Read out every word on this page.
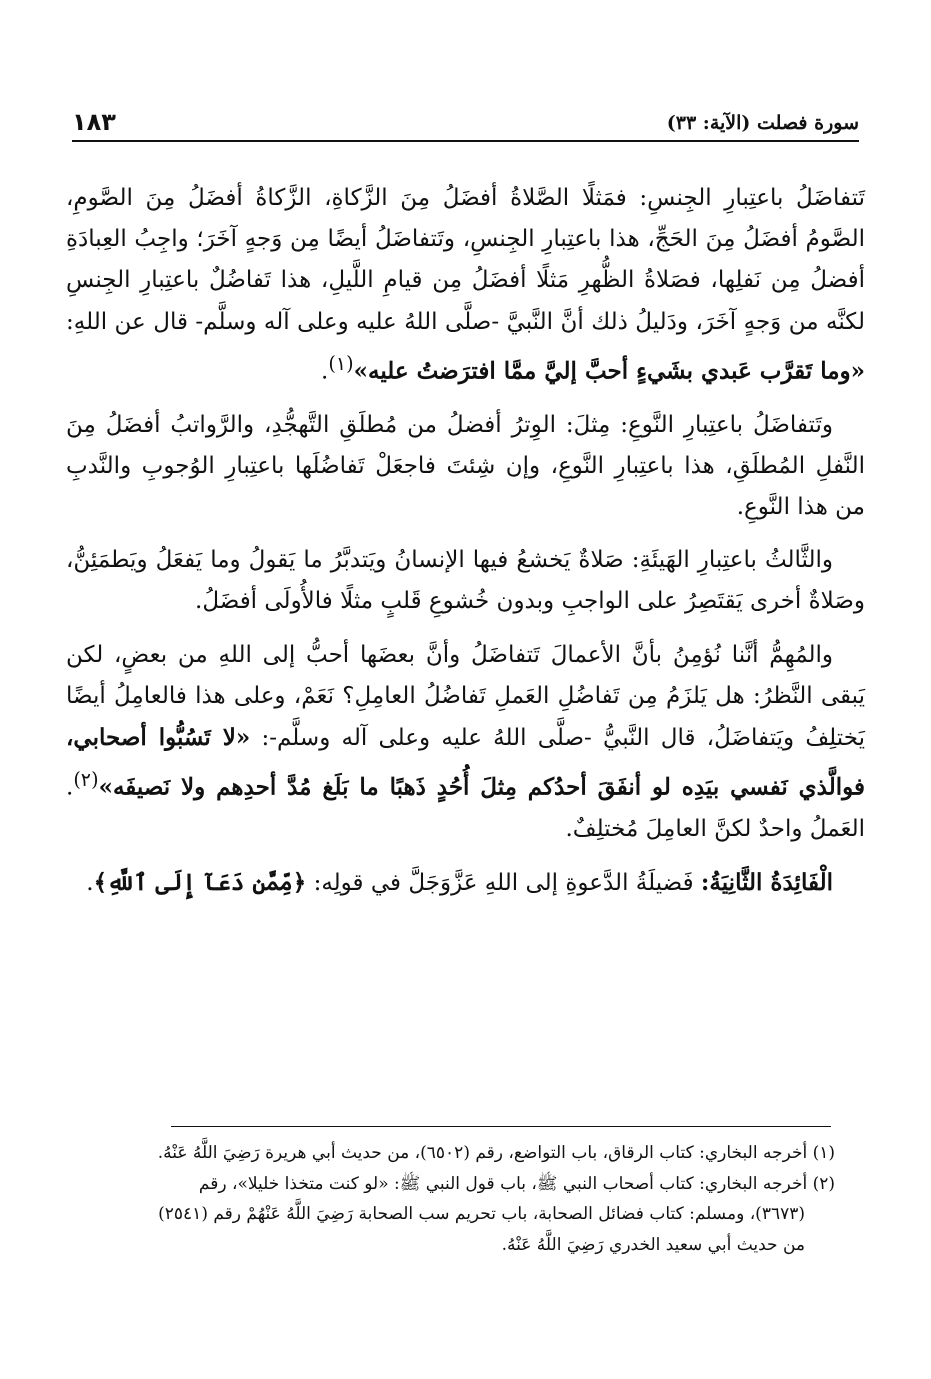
١٨٣	سورة فصلت (الآية: ٣٣)

تَتفاضَلُ باعتِبارِ الجِنسِ: فمَثلًا الصَّلاةُ أفضَلُ مِنَ الزَّكاةِ، الزَّكاةُ أفضَلُ مِنَ الصَّومِ، الصَّومُ أفضَلُ مِنَ الحَجِّ، هذا باعتِبارِ الجِنسِ، وتَتفاضَلُ أيضًا مِن وَجهٍ آخَرَ؛ واجِبُ العِبادَةِ أفضلُ مِن نَفلِها، فصَلاةُ الظُّهرِ مَثلًا أفضَلُ مِن قيامِ اللَّيلِ، هذا تَفاضُلٌ باعتِبارِ الجِنسِ لكنَّه من وَجهٍ آخَرَ، ودَليلُ ذلك أنَّ النَّبيَّ -صلَّى اللهُ عليه وعلى آله وسلَّم- قال عن اللهِ: «وما تَقرَّب عَبدي بشَيءٍ أحبَّ إليَّ ممَّا افترَضتُ عليه»$^{(١)}$.

وتَتفاضَلُ باعتِبارِ النَّوعِ: مِثلَ: الوِترُ أفضلُ من مُطلَقِ التَّهجُّدِ، والرَّواتبُ أفضَلُ مِنَ النَّفلِ المُطلَقِ، هذا باعتِبارِ النَّوعِ، وإن شِئتَ فاجعَلْ تَفاضُلَها باعتِبارِ الوُجوبِ والنَّدبِ من هذا النَّوعِ.

والثَّالثُ باعتِبارِ الهَيئَةِ: صَلاةٌ يَخشعُ فيها الإنسانُ ويَتدبَّرُ ما يَقولُ وما يَفعَلُ ويَطمَئِنُّ، وصَلاةٌ أخرى يَقتَصِرُ على الواجبِ وبدون خُشوعِ قَلبٍ مثلًا فالأُولَى أفضَلُ.

والمُهِمُّ أنَّنا نُؤمِنُ بأنَّ الأعمالَ تَتفاضَلُ وأنَّ بعضَها أحبُّ إلى اللهِ من بعضٍ، لكن يَبقى النَّظرُ: هل يَلزَمُ مِن تَفاضُلِ العَملِ تَفاضُلُ العامِلِ؟ نَعَمْ، وعلى هذا فالعامِلُ أيضًا يَختلِفُ ويَتفاضَلُ، قال النَّبيُّ -صلَّى اللهُ عليه وعلى آله وسلَّم-: «لا تَسُبُّوا أصحابي، فوالَّذي نَفسي بيَدِه لو أنفَقَ أحدُكم مِثلَ أُحُدٍ ذَهبًا ما بَلَغ مُدَّ أحدِهم ولا نَصيفَه»$^{(٢)}$. العَملُ واحدٌ لكنَّ العامِلَ مُختلِفٌ.

الْفَائِدَةُ الثَّانِيَةُ: فَضيلَةُ الدَّعوةِ إلى اللهِ عَزَّوَجَلَّ في قولِه: ﴿مِّمَّن دَعَآ إِلَى ٱللَّهِ﴾.

(١) أخرجه البخاري: كتاب الرقاق، باب التواضع، رقم (٦٥٠٢)، من حديث أبي هريرة رَضِيَ اللَّهُ عَنْهُ.

(٢) أخرجه البخاري: كتاب أصحاب النبي ﷺ، باب قول النبي ﷺ: «لو كنت متخذا خليلا»، رقم

(٣٦٧٣)، ومسلم: كتاب فضائل الصحابة، باب تحريم سب الصحابة رَضِيَ اللَّهُ عَنْهُمْ رقم (٢٥٤١)

من حديث أبي سعيد الخدري رَضِيَ اللَّهُ عَنْهُ.
